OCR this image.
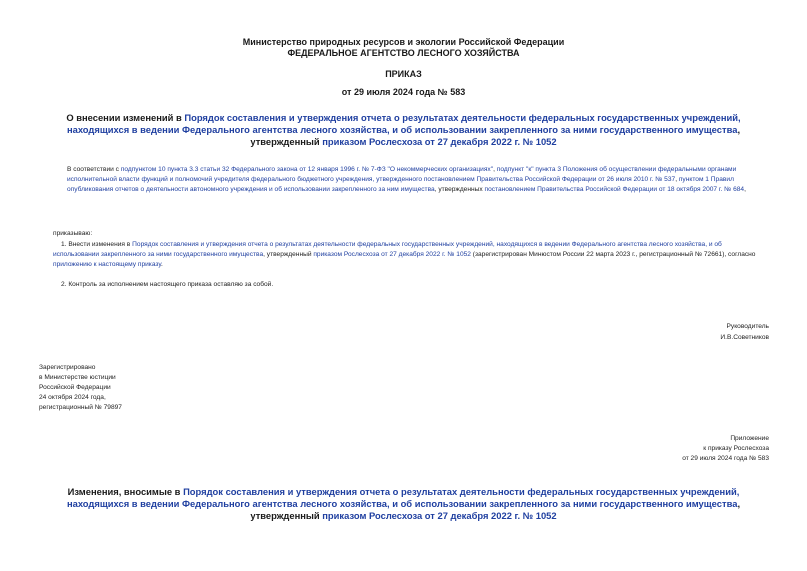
Министерство природных ресурсов и экологии Российской Федерации
ФЕДЕРАЛЬНОЕ АГЕНТСТВО ЛЕСНОГО ХОЗЯЙСТВА
ПРИКАЗ
от 29 июля 2024 года № 583
О внесении изменений в Порядок составления и утверждения отчета о результатах деятельности федеральных государственных учреждений, находящихся в ведении Федерального агентства лесного хозяйства, и об использовании закрепленного за ними государственного имущества, утвержденный приказом Рослесхоза от 27 декабря 2022 г. № 1052
В соответствии с подпунктом 10 пункта 3.3 статьи 32 Федерального закона от 12 января 1996 г. № 7-ФЗ "О некоммерческих организациях", подпункт "к" пункта 3 Положения об осуществлении федеральными органами исполнительной власти функций и полномочий учредителя федерального бюджетного учреждения, утвержденного постановлением Правительства Российской Федерации от 26 июля 2010 г. № 537, пунктом 1 Правил опубликования отчетов о деятельности автономного учреждения и об использовании закрепленного за ним имущества, утвержденных постановлением Правительства Российской Федерации от 18 октября 2007 г. № 684,
приказываю:
1. Внести изменения в Порядок составления и утверждения отчета о результатах деятельности федеральных государственных учреждений, находящихся в ведении Федерального агентства лесного хозяйства, и об использовании закрепленного за ними государственного имущества, утвержденный приказом Рослесхоза от 27 декабря 2022 г. № 1052 (зарегистрирован Минюстом России 22 марта 2023 г., регистрационный № 72661), согласно приложению к настоящему приказу.
2. Контроль за исполнением настоящего приказа оставляю за собой.
Руководитель
И.В.Советников
Зарегистрировано
в Министерстве юстиции
Российской Федерации
24 октября 2024 года,
регистрационный № 79897
Приложение
к приказу Рослесхоза
от 29 июля 2024 года № 583
Изменения, вносимые в Порядок составления и утверждения отчета о результатах деятельности федеральных государственных учреждений, находящихся в ведении Федерального агентства лесного хозяйства, и об использовании закрепленного за ними государственного имущества, утвержденный приказом Рослесхоза от 27 декабря 2022 г. № 1052
